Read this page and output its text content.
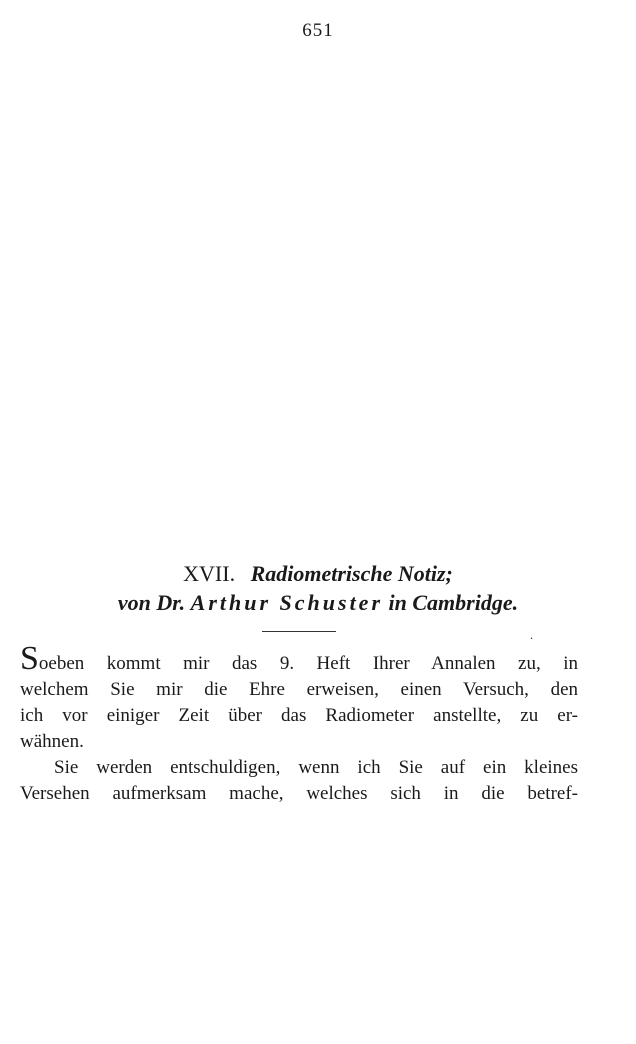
651
XVII. Radiometrische Notiz;
von Dr. Arthur Schuster in Cambridge.
.

Soeben kommt mir das 9. Heft Ihrer Annalen zu, in
welchem Sie mir die Ehre erweisen, einen Versuch, den
ich vor einiger Zeit über das Radiometer anstellte, zu er-
wähnen.

Sie werden entschuldigen, wenn ich Sie auf ein kleines
Versehen aufmerksam mache, welches sich in die betref-
